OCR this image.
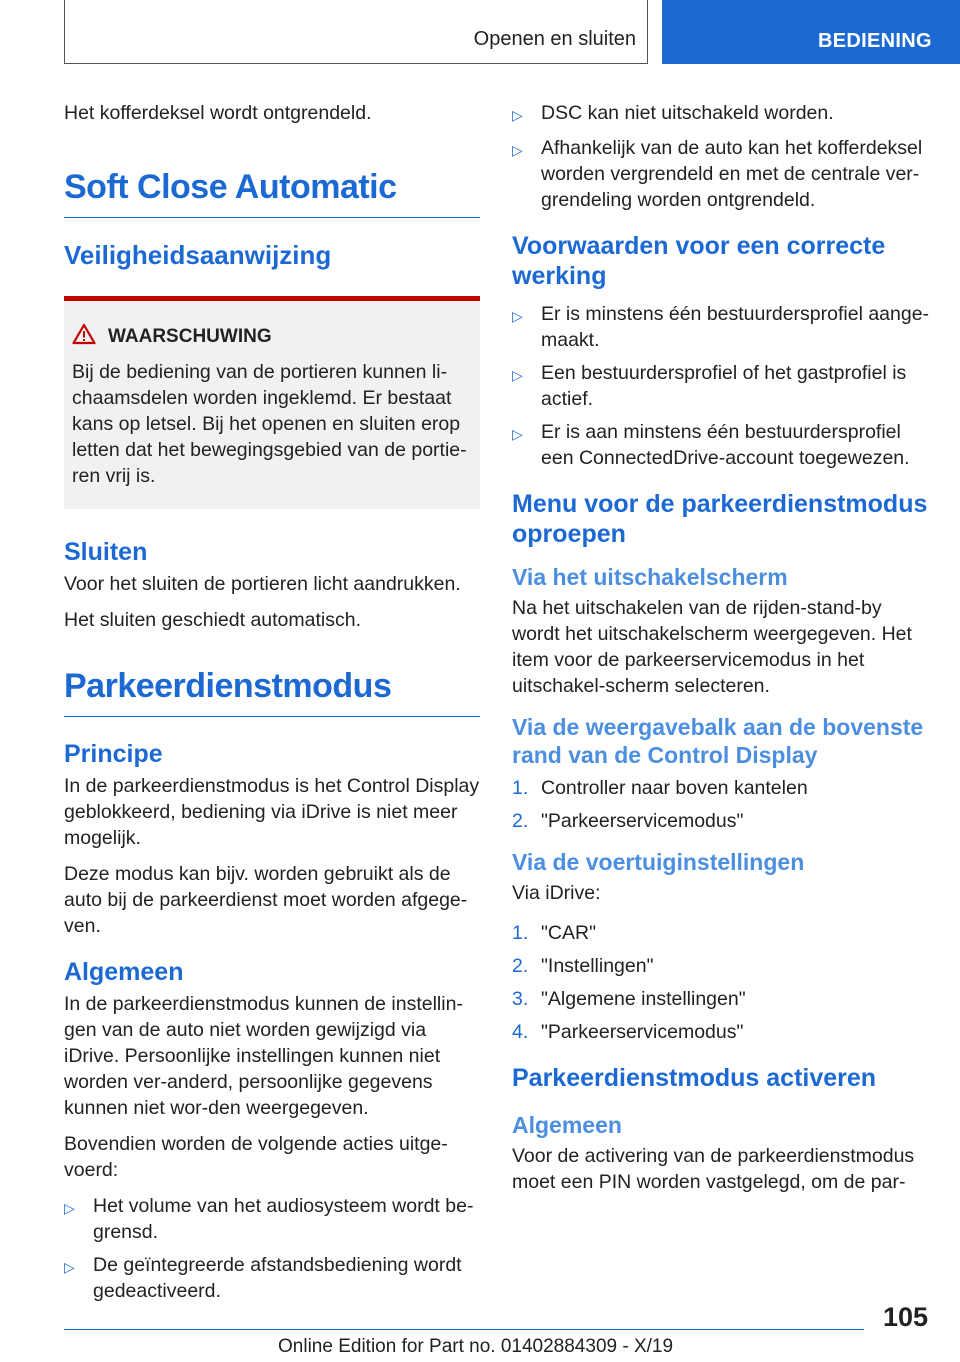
Openen en sluiten	BEDIENING

Het kofferdeksel wordt ontgrendeld.

Soft Close Automatic
Veiligheidsaanwijzing
WAARSCHUWING

Bij de bediening van de portieren kunnen li-chaamsdelen worden ingeklemd. Er bestaat kans op letsel. Bij het openen en sluiten erop letten dat het bewegingsgebied van de portie-ren vrij is.

Sluiten

Voor het sluiten de portieren licht aandrukken.

Het sluiten geschiedt automatisch.

Parkeerdienstmodus
Principe

In de parkeerdienstmodus is het Control Display geblokkeerd, bediening via iDrive is niet meer mogelijk.

Deze modus kan bijv. worden gebruikt als de auto bij de parkeerdienst moet worden afgege-ven.

Algemeen

In de parkeerdienstmodus kunnen de instellin-gen van de auto niet worden gewijzigd via iDrive. Persoonlijke instellingen kunnen niet worden ver-anderd, persoonlijke gegevens kunnen niet wor-den weergegeven.

Bovendien worden de volgende acties uitge-voerd:

▷ Het volume van het audiosysteem wordt be-grensd.
▷ De geïntegreerde afstandsbediening wordt gedeactiveerd.
▷ DSC kan niet uitschakeld worden.
▷ Afhankelijk van de auto kan het kofferdeksel worden vergrendeld en met de centrale ver-grendeling worden ontgrendeld.
Voorwaarden voor een correcte werking
▷ Er is minstens één bestuurdersprofiel aange-maakt.
▷ Een bestuurdersprofiel of het gastprofiel is actief.
▷ Er is aan minstens één bestuurdersprofiel een ConnectedDrive-account toegewezen.
Menu voor de parkeerdienstmodus oproepen
Via het uitschakelscherm

Na het uitschakelen van de rijden-stand-by wordt het uitschakelscherm weergegeven. Het item voor de parkeerservicemodus in het uitschakel-scherm selecteren.

Via de weergavebalk aan de bovenste rand van de Control Display
1. Controller naar boven kantelen
2. "Parkeerservicemodus"
Via de voertuiginstellingen

Via iDrive:

1. "CAR"
2. "Instellingen"
3. "Algemene instellingen"
4. "Parkeerservicemodus"
Parkeerdienstmodus activeren
Algemeen

Voor de activering van de parkeerdienstmodus moet een PIN worden vastgelegd, om de par-

105
Online Edition for Part no. 01402884309 - X/19
